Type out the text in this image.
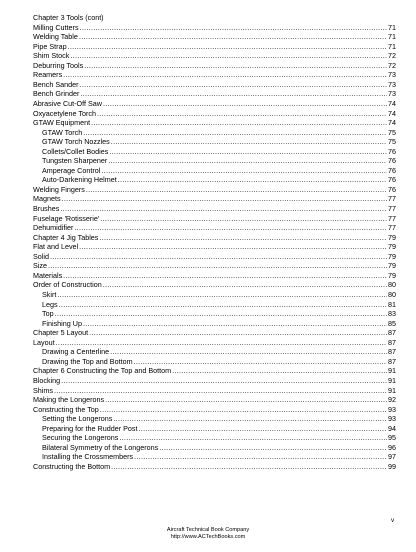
Chapter 3 Tools (cont)
Milling Cutters .....	71
Welding Table .....	71
Pipe Strap .....	71
Shim Stock .....	72
Deburring Tools .....	72
Reamers .....	73
Bench Sander .....	73
Bench Grinder .....	73
Abrasive Cut-Off Saw .....	74
Oxyacetylene Torch .....	74
GTAW Equipment .....	74
GTAW Torch .....	75
GTAW Torch Nozzles .....	75
Collets/Collet Bodies .....	76
Tungsten Sharpener .....	76
Amperage Control .....	76
Auto-Darkening Helmet .....	76
Welding Fingers .....	76
Magnets .....	77
Brushes .....	77
Fuselage 'Rotisserie' .....	77
Dehumidifier .....	77
Chapter 4 Jig Tables .....	79
Flat and Level .....	79
Solid .....	79
Size .....	79
Materials .....	79
Order of Construction .....	80
Skirt .....	80
Legs .....	81
Top .....	83
Finishing Up .....	85
Chapter 5 Layout .....	87
Layout .....	87
Drawing a Centerline .....	87
Drawing the Top and Bottom .....	87
Chapter 6 Constructing the Top and Bottom .....	91
Blocking .....	91
Shims .....	91
Making the Longerons .....	92
Constructing the Top .....	93
Setting the Longerons .....	93
Preparing for the Rudder Post .....	94
Securing the Longerons .....	95
Bilateral Symmetry of the Longerons .....	96
Installing the Crossmembers .....	97
Constructing the Bottom .....	99
v
Aircraft Technical Book Company
http://www.ACTechBooks.com
